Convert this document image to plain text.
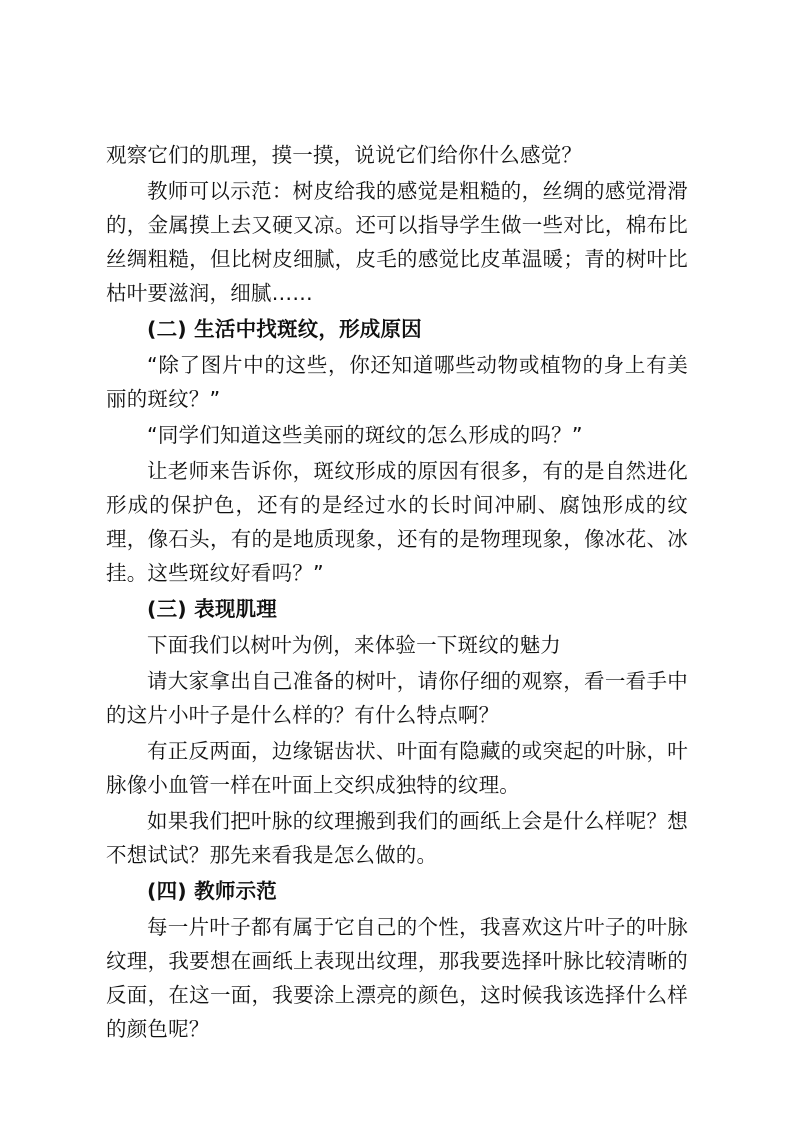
观察它们的肌理，摸一摸，说说它们给你什么感觉？

教师可以示范：树皮给我的感觉是粗糙的，丝绸的感觉滑滑的，金属摸上去又硬又凉。还可以指导学生做一些对比，棉布比丝绸粗糙，但比树皮细腻，皮毛的感觉比皮革温暖；青的树叶比枯叶要滋润，细腻……

(二) 生活中找斑纹，形成原因

“除了图片中的这些，你还知道哪些动物或植物的身上有美丽的斑纹？”

“同学们知道这些美丽的斑纹的怎么形成的吗？”

让老师来告诉你，斑纹形成的原因有很多，有的是自然进化形成的保护色，还有的是经过水的长时间冲刷、腐蚀形成的纹理，像石头，有的是地质现象，还有的是物理现象，像冰花、冰挂。这些斑纹好看吗？”

(三) 表现肌理

下面我们以树叶为例，来体验一下斑纹的魅力

请大家拿出自己准备的树叶，请你仔细的观察，看一看手中的这片小叶子是什么样的？有什么特点啊？

有正反两面，边缘锯齿状、叶面有隐藏的或突起的叶脉，叶脉像小血管一样在叶面上交织成独特的纹理。

如果我们把叶脉的纹理搬到我们的画纸上会是什么样呢？想不想试试？那先来看我是怎么做的。

(四) 教师示范

每一片叶子都有属于它自己的个性，我喜欢这片叶子的叶脉纹理，我要想在画纸上表现出纹理，那我要选择叶脉比较清晰的反面，在这一面，我要涂上漂亮的颜色，这时候我该选择什么样的颜色呢？
